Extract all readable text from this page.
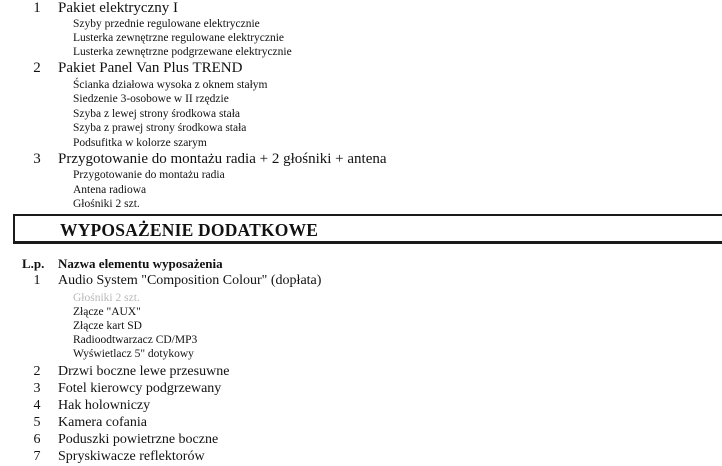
1 Pakiet elektryczny I
Szyby przednie regulowane elektrycznie
Lusterka zewnętrzne regulowane elektrycznie
Lusterka zewnętrzne podgrzewane elektrycznie
2 Pakiet Panel Van Plus TREND
Ścianka działowa wysoka z oknem stałym
Siedzenie 3-osobowe w II rzędzie
Szyba z lewej strony środkowa stała
Szyba z prawej strony środkowa stała
Podsufitka w kolorze szarym
3 Przygotowanie do montażu radia + 2 głośniki + antena
Przygotowanie do montażu radia
Antena radiowa
Głośniki 2 szt.
WYPOSAŻENIE DODATKOWE
L.p. Nazwa elementu wyposażenia
1 Audio System "Composition Colour" (dopłata)
Głośniki 2 szt.
Złącze "AUX"
Złącze kart SD
Radioodtwarzacz CD/MP3
Wyświetlacz 5" dotykowy
2 Drzwi boczne lewe przesuwne
3 Fotel kierowcy podgrzewany
4 Hak holowniczy
5 Kamera cofania
6 Poduszki powietrzne boczne
7 Spryskiwacze reflektorów
